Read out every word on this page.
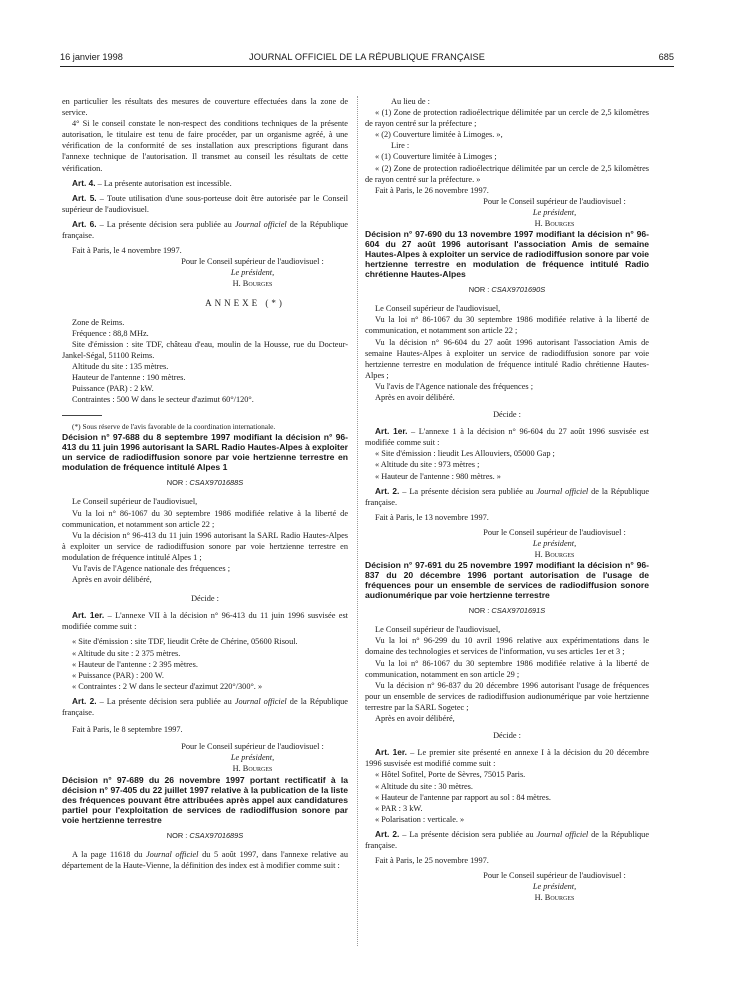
16 janvier 1998	JOURNAL OFFICIEL DE LA RÉPUBLIQUE FRANÇAISE	685

en particulier les résultats des mesures de couverture effectuées dans la zone de service.

4° Si le conseil constate le non-respect des conditions techniques de la présente autorisation, le titulaire est tenu de faire procéder, par un organisme agréé, à une vérification de la conformité de ses installation aux prescriptions figurant dans l'annexe technique de l'autorisation. Il transmet au conseil les résultats de cette vérification.

Art. 4. – La présente autorisation est incessible.

Art. 5. – Toute utilisation d'une sous-porteuse doit être autorisée par le Conseil supérieur de l'audiovisuel.

Art. 6. – La présente décision sera publiée au Journal officiel de la République française.

Fait à Paris, le 4 novembre 1997.

Pour le Conseil supérieur de l'audiovisuel :

Le président,

H. Bourges

ANNEXE (*)

Zone de Reims.

Fréquence : 88,8 MHz.

Site d'émission : site TDF, château d'eau, moulin de la Housse, rue du Docteur-Jankel-Ségal, 51100 Reims.

Altitude du site : 135 mètres.

Hauteur de l'antenne : 190 mètres.

Puissance (PAR) : 2 kW.

Contraintes : 500 W dans le secteur d'azimut 60°/120°.

(*) Sous réserve de l'avis favorable de la coordination internationale.

Décision n° 97-688 du 8 septembre 1997 modifiant la décision n° 96-413 du 11 juin 1996 autorisant la SARL Radio Hautes-Alpes à exploiter un service de radiodiffusion sonore par voie hertzienne terrestre en modulation de fréquence intitulé Alpes 1

NOR : CSAX9701688S

Le Conseil supérieur de l'audiovisuel,

Vu la loi n° 86-1067 du 30 septembre 1986 modifiée relative à la liberté de communication, et notamment son article 22 ;

Vu la décision n° 96-413 du 11 juin 1996 autorisant la SARL Radio Hautes-Alpes à exploiter un service de radiodiffusion sonore par voie hertzienne terrestre en modulation de fréquence intitulé Alpes 1 ;

Vu l'avis de l'Agence nationale des fréquences ;

Après en avoir délibéré,

Décide :

Art. 1er. – L'annexe VII à la décision n° 96-413 du 11 juin 1996 susvisée est modifiée comme suit :

« Site d'émission : site TDF, lieudit Crête de Chérine, 05600 Risoul.

« Altitude du site : 2 375 mètres.

« Hauteur de l'antenne : 2 395 mètres.

« Puissance (PAR) : 200 W.

« Contraintes : 2 W dans le secteur d'azimut 220°/300°. »

Art. 2. – La présente décision sera publiée au Journal officiel de la République française.

Fait à Paris, le 8 septembre 1997.

Pour le Conseil supérieur de l'audiovisuel :

Le président,

H. Bourges

Décision n° 97-689 du 26 novembre 1997 portant rectificatif à la décision n° 97-405 du 22 juillet 1997 relative à la publication de la liste des fréquences pouvant être attribuées après appel aux candidatures partiel pour l'exploitation de services de radiodiffusion sonore par voie hertzienne terrestre

NOR : CSAX9701689S

A la page 11618 du Journal officiel du 5 août 1997, dans l'annexe relative au département de la Haute-Vienne, la définition des index est à modifier comme suit :

Au lieu de :

« (1) Zone de protection radioélectrique délimitée par un cercle de 2,5 kilomètres de rayon centré sur la préfecture ;

« (2) Couverture limitée à Limoges. »,

Lire :

« (1) Couverture limitée à Limoges ;

« (2) Zone de protection radioélectrique délimitée par un cercle de 2,5 kilomètres de rayon centré sur la préfecture. »

Fait à Paris, le 26 novembre 1997.

Pour le Conseil supérieur de l'audiovisuel :

Le président,

H. Bourges

Décision n° 97-690 du 13 novembre 1997 modifiant la décision n° 96-604 du 27 août 1996 autorisant l'association Amis de semaine Hautes-Alpes à exploiter un service de radiodiffusion sonore par voie hertzienne terrestre en modulation de fréquence intitulé Radio chrétienne Hautes-Alpes

NOR : CSAX9701690S

Le Conseil supérieur de l'audiovisuel,

Vu la loi n° 86-1067 du 30 septembre 1986 modifiée relative à la liberté de communication, et notamment son article 22 ;

Vu la décision n° 96-604 du 27 août 1996 autorisant l'association Amis de semaine Hautes-Alpes à exploiter un service de radiodiffusion sonore par voie hertzienne terrestre en modulation de fréquence intitulé Radio chrétienne Hautes-Alpes ;

Vu l'avis de l'Agence nationale des fréquences ;

Après en avoir délibéré.

Décide :

Art. 1er. – L'annexe 1 à la décision n° 96-604 du 27 août 1996 susvisée est modifiée comme suit :

« Site d'émission : lieudit Les Allouviers, 05000 Gap ;

« Altitude du site : 973 mètres ;

« Hauteur de l'antenne : 980 mètres. »

Art. 2. – La présente décision sera publiée au Journal officiel de la République française.

Fait à Paris, le 13 novembre 1997.

Pour le Conseil supérieur de l'audiovisuel :

Le président,

H. Bourges

Décision n° 97-691 du 25 novembre 1997 modifiant la décision n° 96-837 du 20 décembre 1996 portant autorisation de l'usage de fréquences pour un ensemble de services de radiodiffusion sonore audionumérique par voie hertzienne terrestre

NOR : CSAX9701691S

Le Conseil supérieur de l'audiovisuel,

Vu la loi n° 96-299 du 10 avril 1996 relative aux expérimentations dans le domaine des technologies et services de l'information, vu ses articles 1er et 3 ;

Vu la loi n° 86-1067 du 30 septembre 1986 modifiée relative à la liberté de communication, notamment en son article 29 ;

Vu la décision n° 96-837 du 20 décembre 1996 autorisant l'usage de fréquences pour un ensemble de services de radiodiffusion audionumérique par voie hertzienne terrestre par la SARL Sogetec ;

Après en avoir délibéré,

Décide :

Art. 1er. – Le premier site présenté en annexe I à la décision du 20 décembre 1996 susvisée est modifié comme suit :

« Hôtel Sofitel, Porte de Sèvres, 75015 Paris.

« Altitude du site : 30 mètres.

« Hauteur de l'antenne par rapport au sol : 84 mètres.

« PAR : 3 kW.

« Polarisation : verticale. »

Art. 2. – La présente décision sera publiée au Journal officiel de la République française.

Fait à Paris, le 25 novembre 1997.

Pour le Conseil supérieur de l'audiovisuel :

Le président,

H. Bourges
